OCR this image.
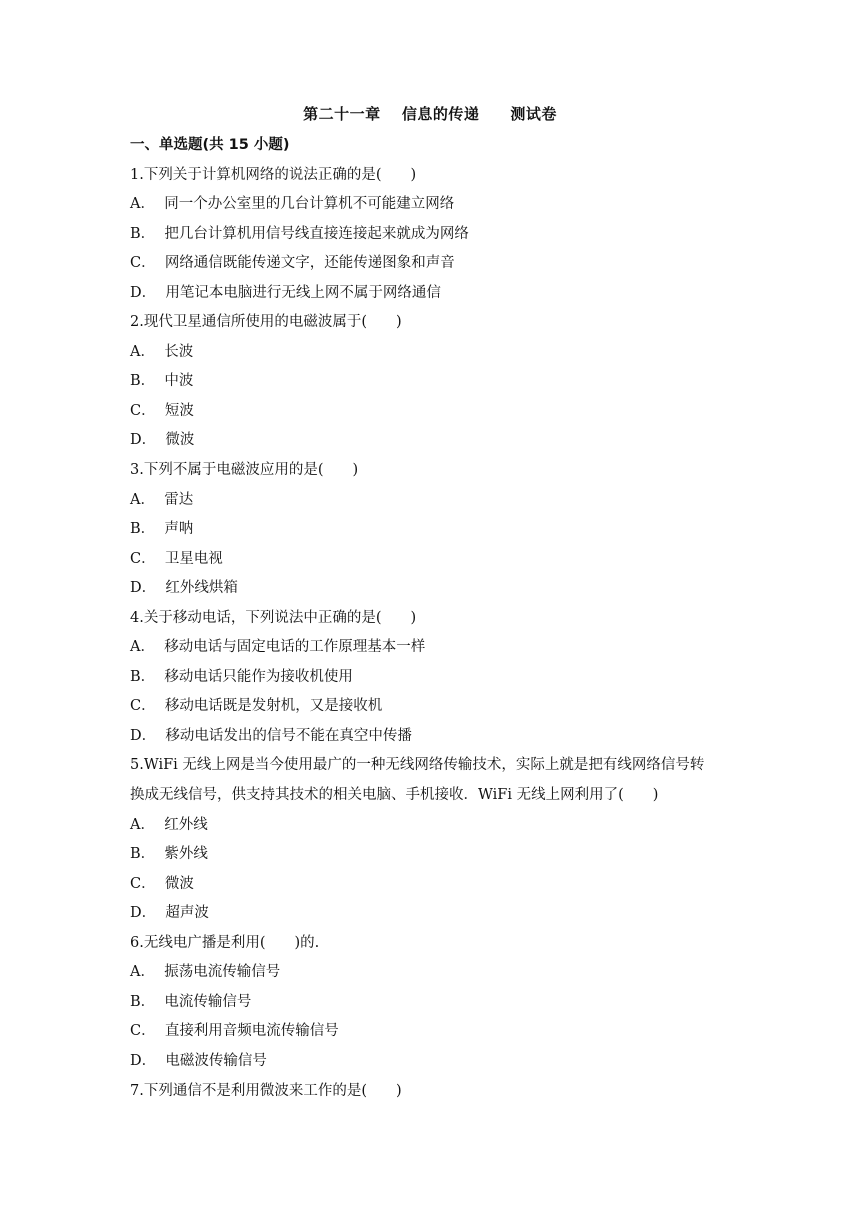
第二十一章　 信息的传递　　测试卷
一、单选题(共 15 小题)
1.下列关于计算机网络的说法正确的是(　　)
A．  同一个办公室里的几台计算机不可能建立网络
B．  把几台计算机用信号线直接连接起来就成为网络
C．  网络通信既能传递文字，还能传递图象和声音
D．  用笔记本电脑进行无线上网不属于网络通信
2.现代卫星通信所使用的电磁波属于(　　)
A．  长波
B．  中波
C．  短波
D．  微波
3.下列不属于电磁波应用的是(　　)
A．  雷达
B．  声呐
C．  卫星电视
D．  红外线烘箱
4.关于移动电话，下列说法中正确的是(　　)
A．  移动电话与固定电话的工作原理基本一样
B．  移动电话只能作为接收机使用
C．  移动电话既是发射机，又是接收机
D．  移动电话发出的信号不能在真空中传播
5.WiFi 无线上网是当今使用最广的一种无线网络传输技术，实际上就是把有线网络信号转
换成无线信号，供支持其技术的相关电脑、手机接收．WiFi 无线上网利用了(　　)
A．  红外线
B．  紫外线
C．  微波
D．  超声波
6.无线电广播是利用(　　)的.
A．  振荡电流传输信号
B．  电流传输信号
C．  直接利用音频电流传输信号
D．  电磁波传输信号
7.下列通信不是利用微波来工作的是(　　)
